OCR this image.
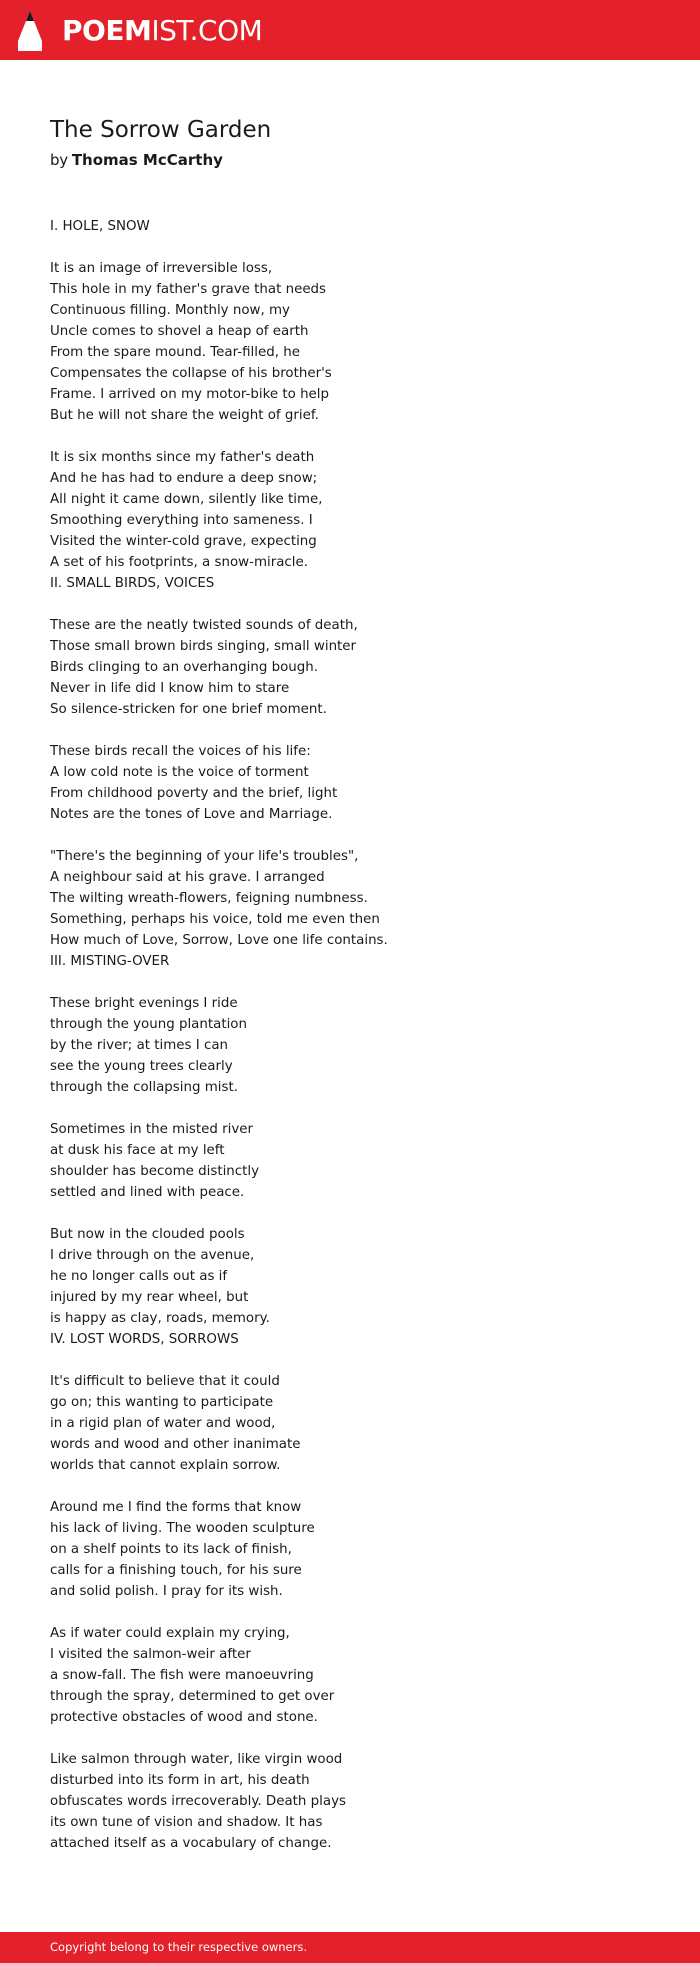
POEMIST.COM
The Sorrow Garden
by Thomas McCarthy
I. HOLE, SNOW
It is an image of irreversible loss,
This hole in my father's grave that needs
Continuous filling. Monthly now, my
Uncle comes to shovel a heap of earth
From the spare mound. Tear-filled, he
Compensates the collapse of his brother's
Frame. I arrived on my motor-bike to help
But he will not share the weight of grief.
It is six months since my father's death
And he has had to endure a deep snow;
All night it came down, silently like time,
Smoothing everything into sameness. I
Visited the winter-cold grave, expecting
A set of his footprints, a snow-miracle.
II. SMALL BIRDS, VOICES
These are the neatly twisted sounds of death,
Those small brown birds singing, small winter
Birds clinging to an overhanging bough.
Never in life did I know him to stare
So silence-stricken for one brief moment.
These birds recall the voices of his life:
A low cold note is the voice of torment
From childhood poverty and the brief, light
Notes are the tones of Love and Marriage.
"There's the beginning of your life's troubles",
A neighbour said at his grave. I arranged
The wilting wreath-flowers, feigning numbness.
Something, perhaps his voice, told me even then
How much of Love, Sorrow, Love one life contains.
III. MISTING-OVER
These bright evenings I ride
through the young plantation
by the river; at times I can
see the young trees clearly
through the collapsing mist.
Sometimes in the misted river
at dusk his face at my left
shoulder has become distinctly
settled and lined with peace.
But now in the clouded pools
I drive through on the avenue,
he no longer calls out as if
injured by my rear wheel, but
is happy as clay, roads, memory.
IV. LOST WORDS, SORROWS
It's difficult to believe that it could
go on; this wanting to participate
in a rigid plan of water and wood,
words and wood and other inanimate
worlds that cannot explain sorrow.
Around me I find the forms that know
his lack of living. The wooden sculpture
on a shelf points to its lack of finish,
calls for a finishing touch, for his sure
and solid polish. I pray for its wish.
As if water could explain my crying,
I visited the salmon-weir after
a snow-fall. The fish were manoeuvring
through the spray, determined to get over
protective obstacles of wood and stone.
Like salmon through water, like virgin wood
disturbed into its form in art, his death
obfuscates words irrecoverably. Death plays
its own tune of vision and shadow. It has
attached itself as a vocabulary of change.
Copyright belong to their respective owners.
